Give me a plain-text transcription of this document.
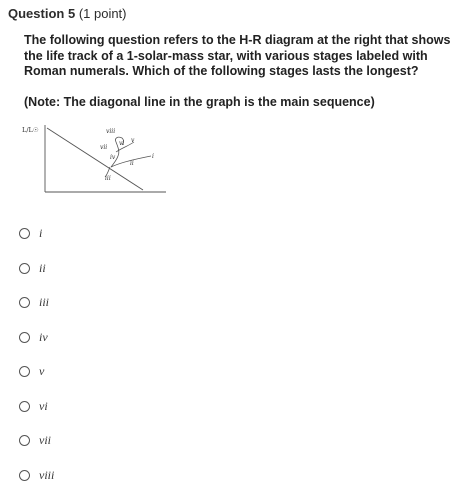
Question 5 (1 point)
The following question refers to the H-R diagram at the right that shows the life track of a 1-solar-mass star, with various stages labeled with Roman numerals. Which of the following stages lasts the longest?
(Note: The diagonal line in the graph is the main sequence)
L/L☉
i
ii
iii
iv
v
vi
vii
viii
i
ii
iii
iv
v
vi
vii
viii
